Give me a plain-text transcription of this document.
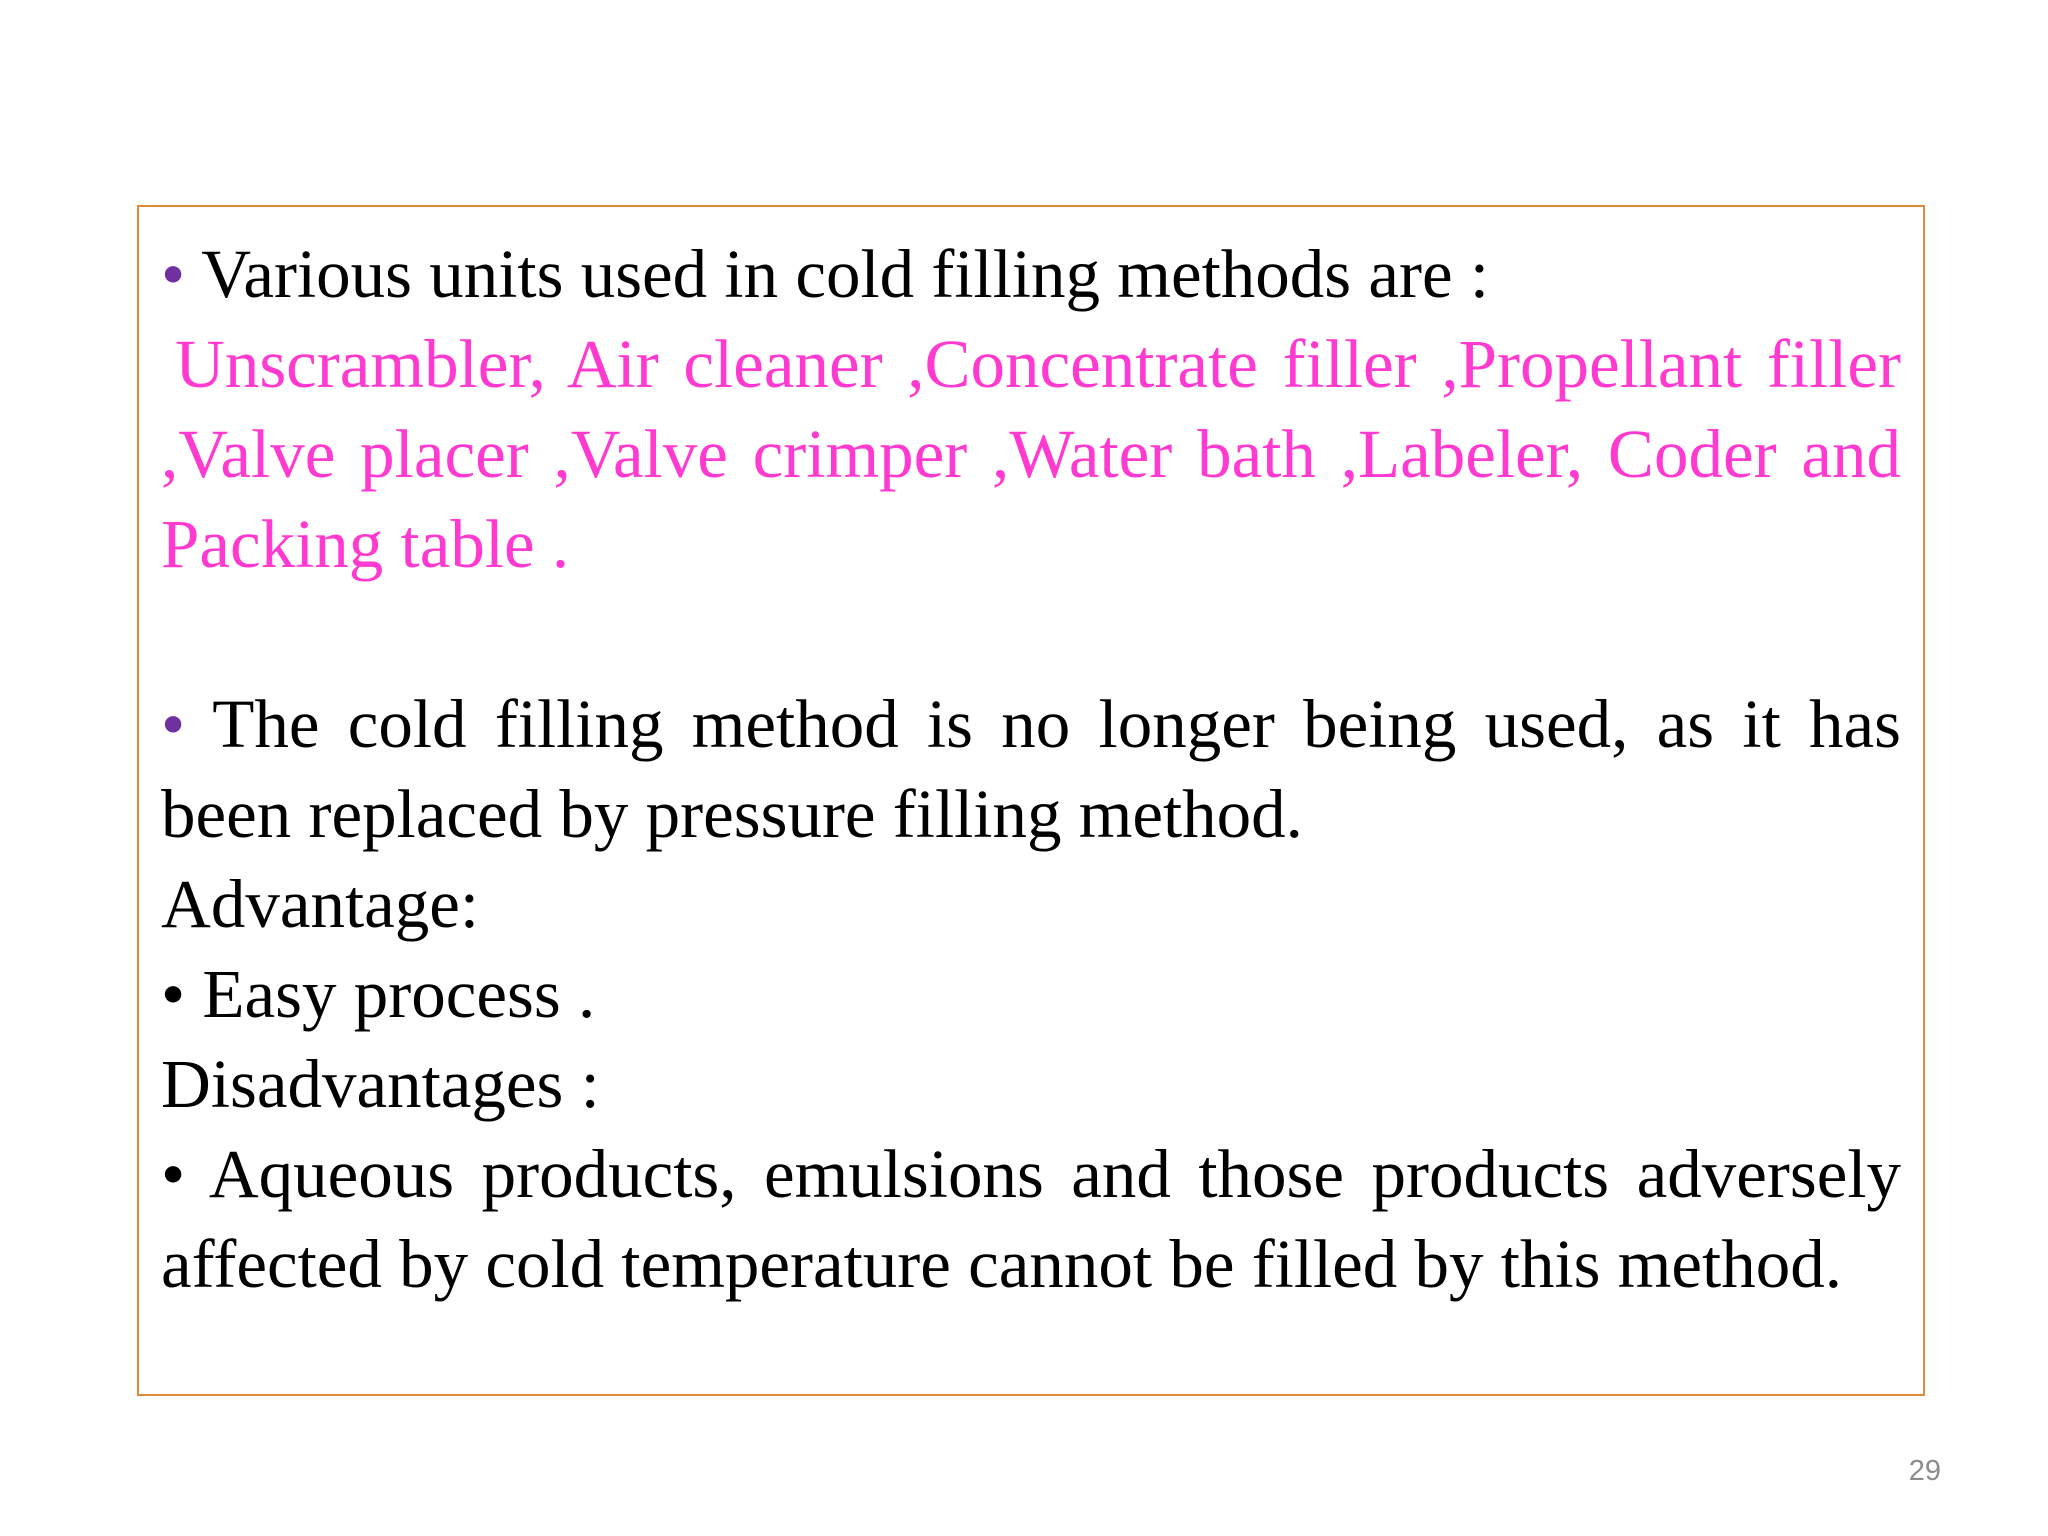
• Various units used in cold filling methods are :

Unscrambler, Air cleaner ,Concentrate filler ,Propellant filler ,Valve placer ,Valve crimper ,Water bath ,Labeler, Coder and Packing table .

• The cold filling method is no longer being used, as it has been replaced by pressure filling method.

Advantage:

• Easy process .

Disadvantages :

• Aqueous products, emulsions and those products adversely affected by cold temperature cannot be filled by this method.

29
